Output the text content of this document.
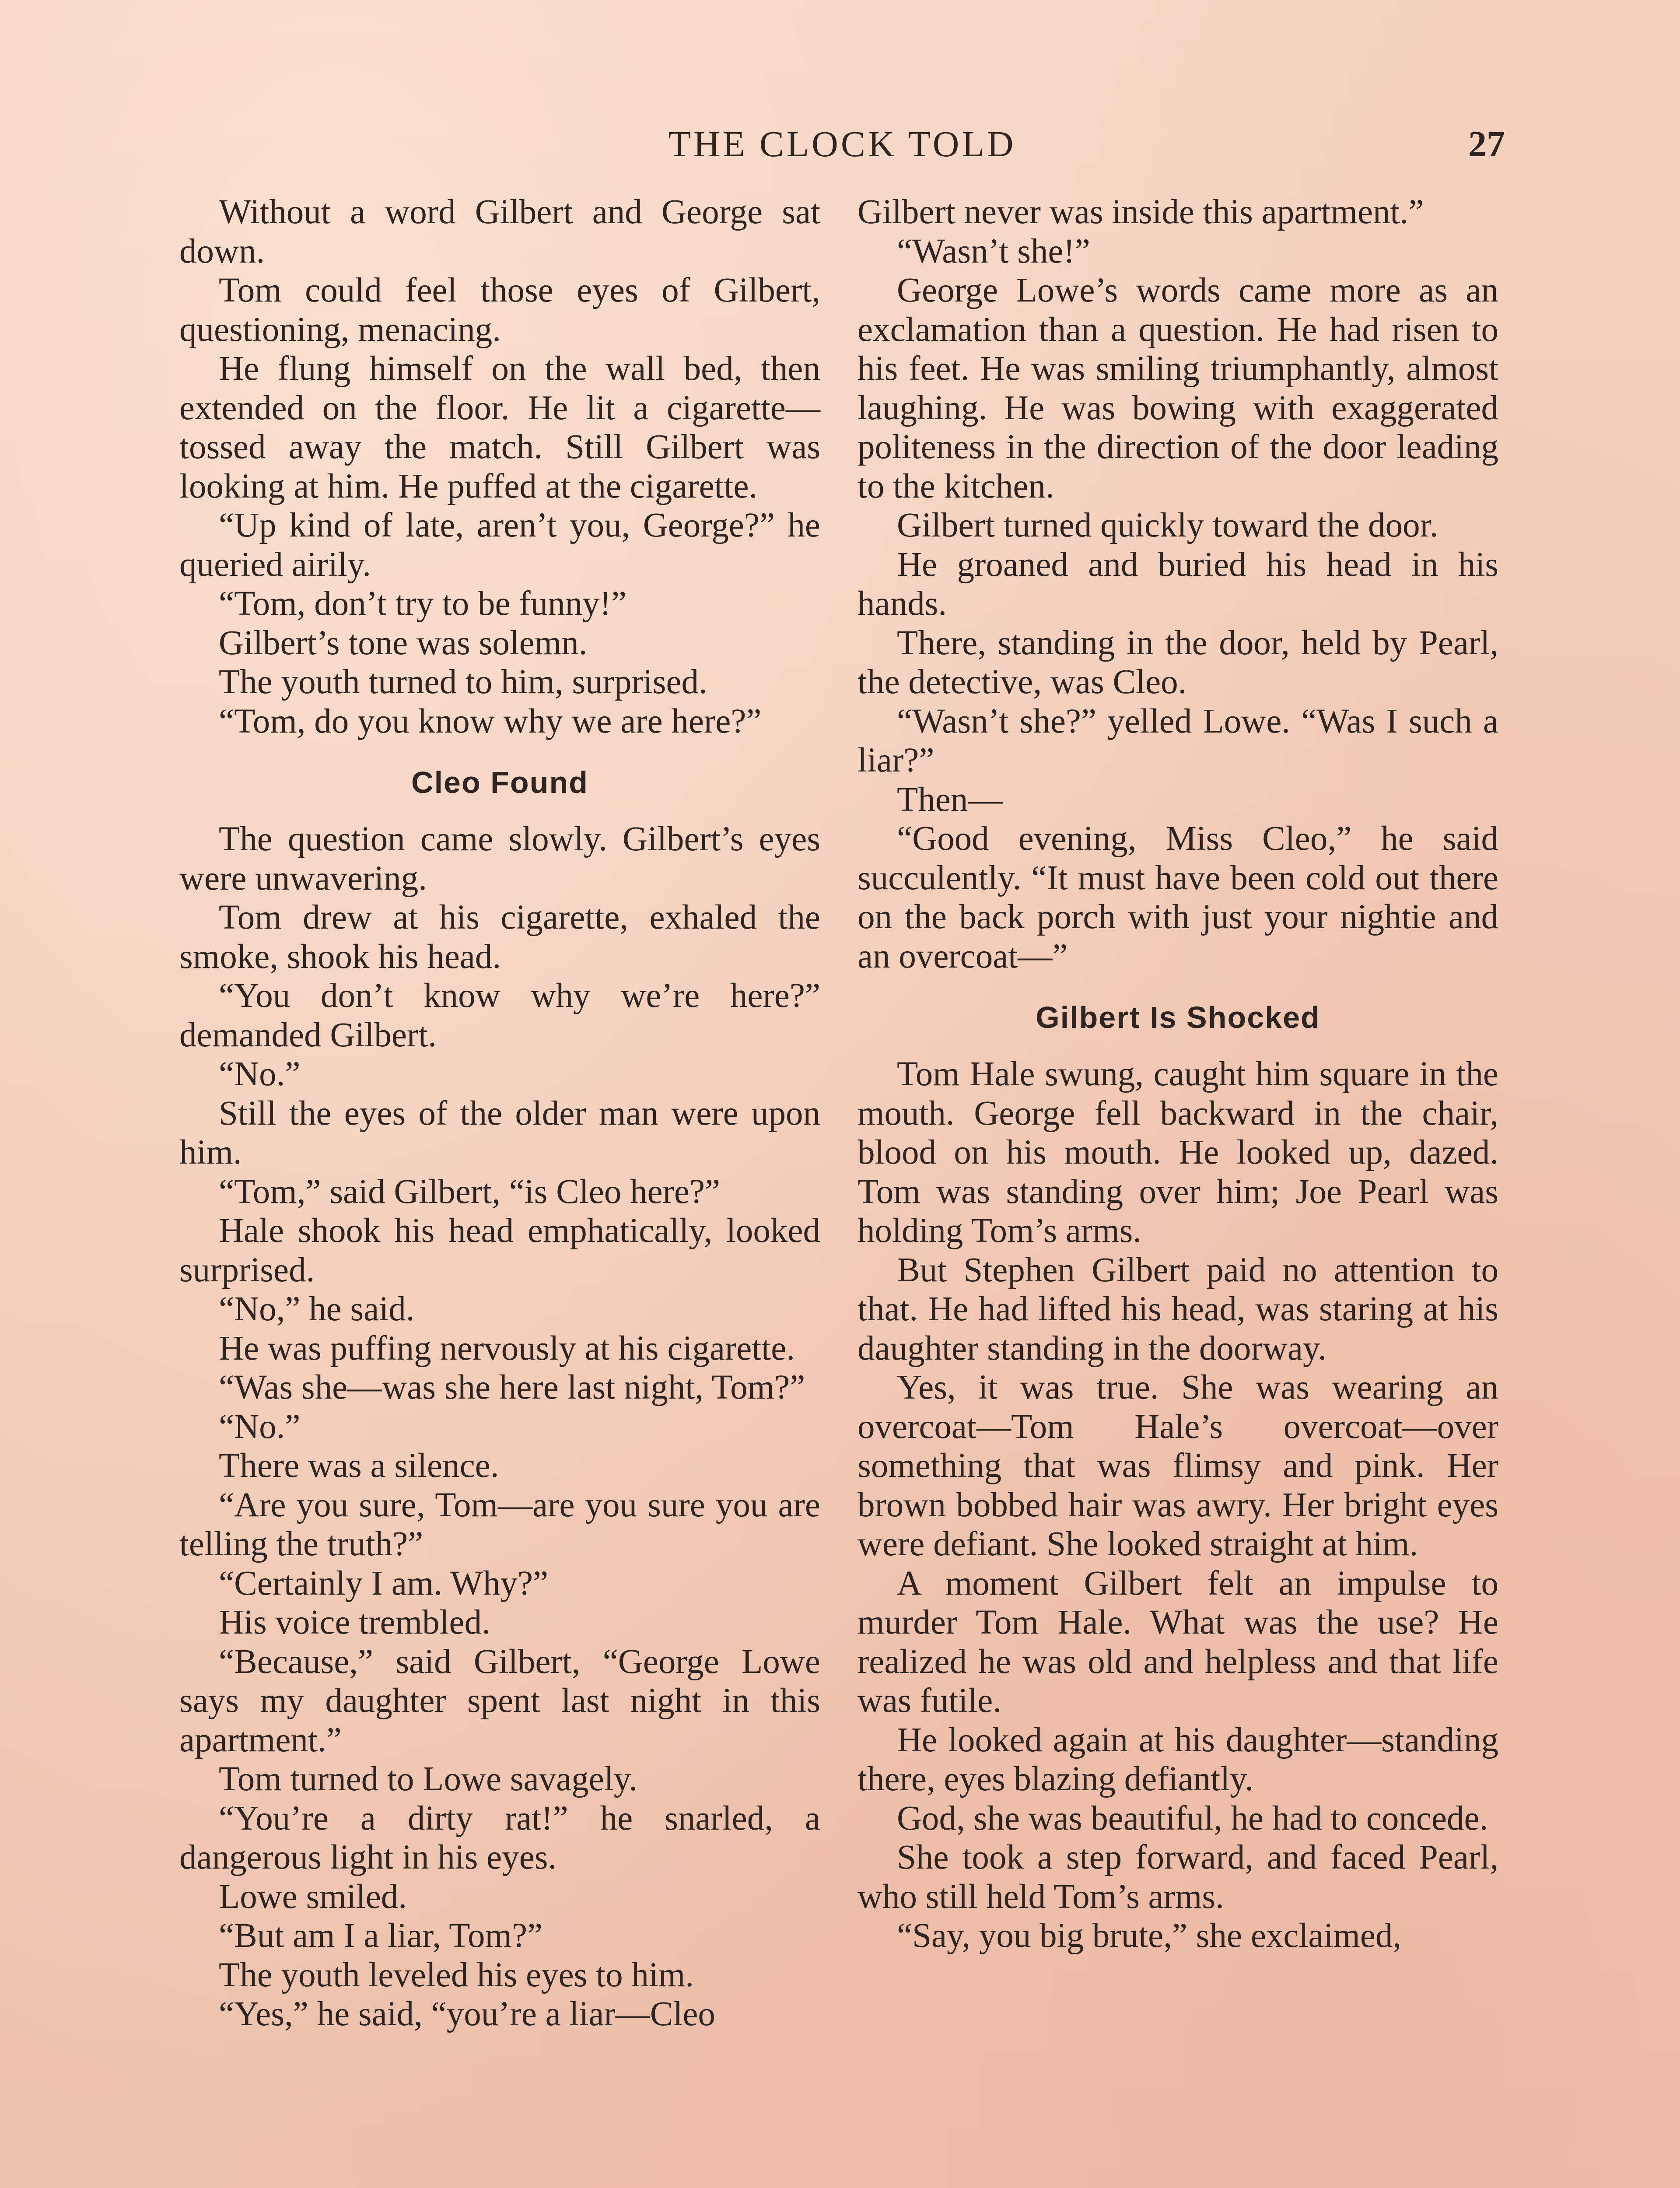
THE CLOCK TOLD	27

Without a word Gilbert and George sat down.

Tom could feel those eyes of Gilbert, questioning, menacing.

He flung himself on the wall bed, then extended on the floor. He lit a cigarette—tossed away the match. Still Gilbert was looking at him. He puffed at the cigarette.

“Up kind of late, aren’t you, George?” he queried airily.

“Tom, don’t try to be funny!”

Gilbert’s tone was solemn.

The youth turned to him, surprised.

“Tom, do you know why we are here?”

Cleo Found

The question came slowly. Gilbert’s eyes were unwavering.

Tom drew at his cigarette, exhaled the smoke, shook his head.

“You don’t know why we’re here?” demanded Gilbert.

“No.”

Still the eyes of the older man were upon him.

“Tom,” said Gilbert, “is Cleo here?”

Hale shook his head emphatically, looked surprised.

“No,” he said.

He was puffing nervously at his cigarette.

“Was she—was she here last night, Tom?”

“No.”

There was a silence.

“Are you sure, Tom—are you sure you are telling the truth?”

“Certainly I am. Why?”

His voice trembled.

“Because,” said Gilbert, “George Lowe says my daughter spent last night in this apartment.”

Tom turned to Lowe savagely.

“You’re a dirty rat!” he snarled, a dangerous light in his eyes.

Lowe smiled.

“But am I a liar, Tom?”

The youth leveled his eyes to him.

“Yes,” he said, “you’re a liar—Cleo

Gilbert never was inside this apartment.”

“Wasn’t she!”

George Lowe’s words came more as an exclamation than a question. He had risen to his feet. He was smiling triumphantly, almost laughing. He was bowing with exaggerated politeness in the direction of the door leading to the kitchen.

Gilbert turned quickly toward the door.

He groaned and buried his head in his hands.

There, standing in the door, held by Pearl, the detective, was Cleo.

“Wasn’t she?” yelled Lowe. “Was I such a liar?”

Then—

“Good evening, Miss Cleo,” he said succulently. “It must have been cold out there on the back porch with just your nightie and an overcoat—”

Gilbert Is Shocked

Tom Hale swung, caught him square in the mouth. George fell backward in the chair, blood on his mouth. He looked up, dazed. Tom was standing over him; Joe Pearl was holding Tom’s arms.

But Stephen Gilbert paid no attention to that. He had lifted his head, was staring at his daughter standing in the doorway.

Yes, it was true. She was wearing an overcoat—Tom Hale’s overcoat—over something that was flimsy and pink. Her brown bobbed hair was awry. Her bright eyes were defiant. She looked straight at him.

A moment Gilbert felt an impulse to murder Tom Hale. What was the use? He realized he was old and helpless and that life was futile.

He looked again at his daughter—standing there, eyes blazing defiantly.

God, she was beautiful, he had to concede.

She took a step forward, and faced Pearl, who still held Tom’s arms.

“Say, you big brute,” she exclaimed,
